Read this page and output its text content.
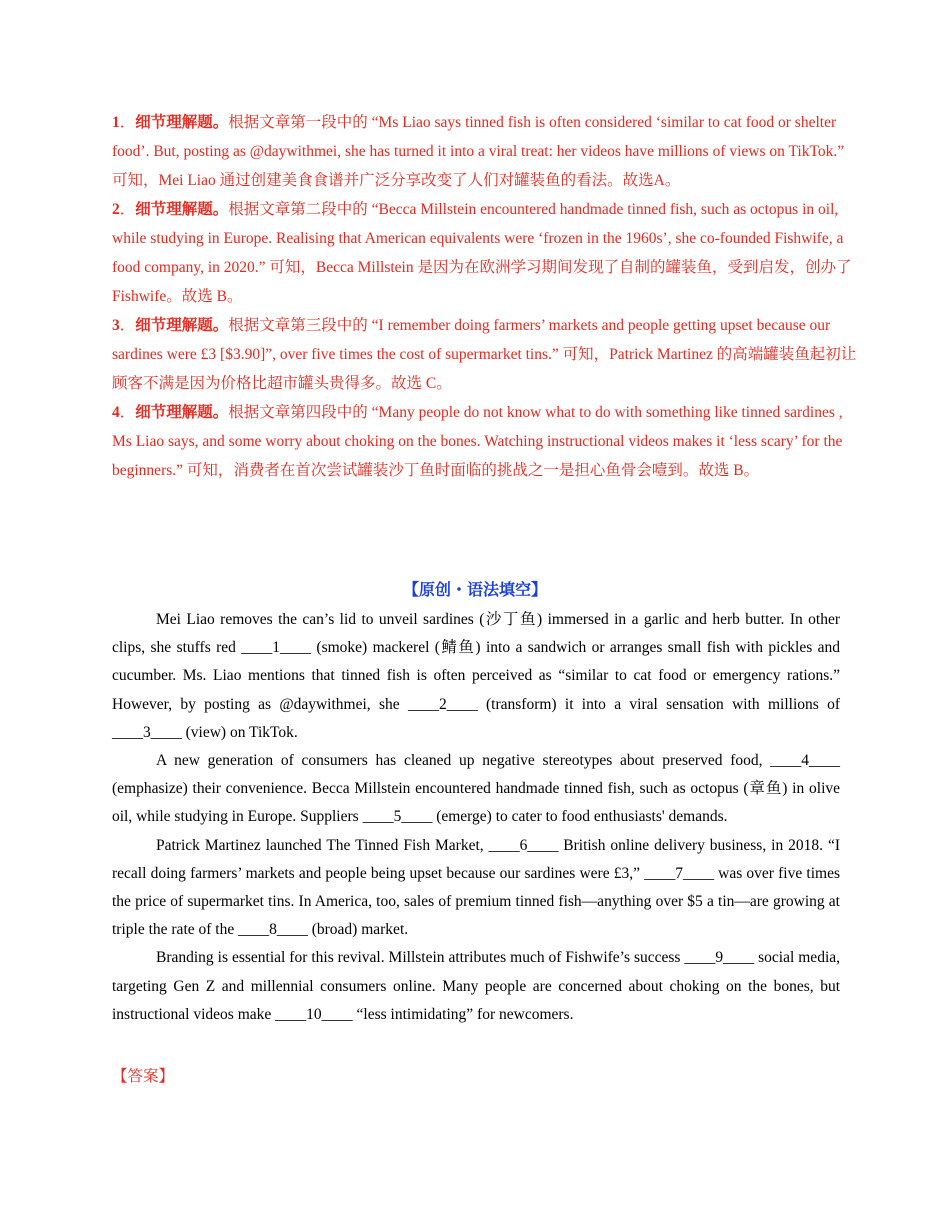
1．细节理解题。根据文章第一段中的 “Ms Liao says tinned fish is often considered ‘similar to cat food or shelter food’. But, posting as @daywithmei, she has turned it into a viral treat: her videos have millions of views on TikTok.” 可知，Mei Liao 通过创建美食食谱并广泛分享改变了人们对罐装鱼的看法。故选A。

2．细节理解题。根据文章第二段中的 “Becca Millstein encountered handmade tinned fish, such as octopus in oil, while studying in Europe. Realising that American equivalents were ‘frozen in the 1960s’, she co-founded Fishwife, a food company, in 2020.” 可知，Becca Millstein 是因为在欧洲学习期间发现了自制的罐装鱼，受到启发，创办了 Fishwife。故选 B。

3．细节理解题。根据文章第三段中的 “I remember doing farmers’ markets and people getting upset because our sardines were £3 [$3.90]”, over five times the cost of supermarket tins.” 可知，Patrick Martinez 的高端罐装鱼起初让顾客不满是因为价格比超市罐头贵得多。故选 C。

4．细节理解题。根据文章第四段中的 “Many people do not know what to do with something like tinned sardines , Ms Liao says, and some worry about choking on the bones. Watching instructional videos makes it ‘less scary’ for the beginners.” 可知，消费者在首次尝试罐装沙丁鱼时面临的挑战之一是担心鱼骨会噎到。故选 B。

【原创・语法填空】

Mei Liao removes the can’s lid to unveil sardines (沙丁鱼) immersed in a garlic and herb butter. In other clips, she stuffs red ____1____ (smoke) mackerel (鲭鱼) into a sandwich or arranges small fish with pickles and cucumber. Ms. Liao mentions that tinned fish is often perceived as “similar to cat food or emergency rations.” However, by posting as @daywithmei, she ____2____ (transform) it into a viral sensation with millions of ____3____ (view) on TikTok.

A new generation of consumers has cleaned up negative stereotypes about preserved food, ____4____ (emphasize) their convenience. Becca Millstein encountered handmade tinned fish, such as octopus (章鱼) in olive oil, while studying in Europe. Suppliers ____5____ (emerge) to cater to food enthusiasts' demands.

Patrick Martinez launched The Tinned Fish Market, ____6____ British online delivery business, in 2018. “I recall doing farmers’ markets and people being upset because our sardines were £3,” ____7____ was over five times the price of supermarket tins. In America, too, sales of premium tinned fish—anything over $5 a tin—are growing at triple the rate of the ____8____ (broad) market.

Branding is essential for this revival. Millstein attributes much of Fishwife’s success ____9____ social media, targeting Gen Z and millennial consumers online. Many people are concerned about choking on the bones, but instructional videos make ____10____ “less intimidating” for newcomers.

【答案】
